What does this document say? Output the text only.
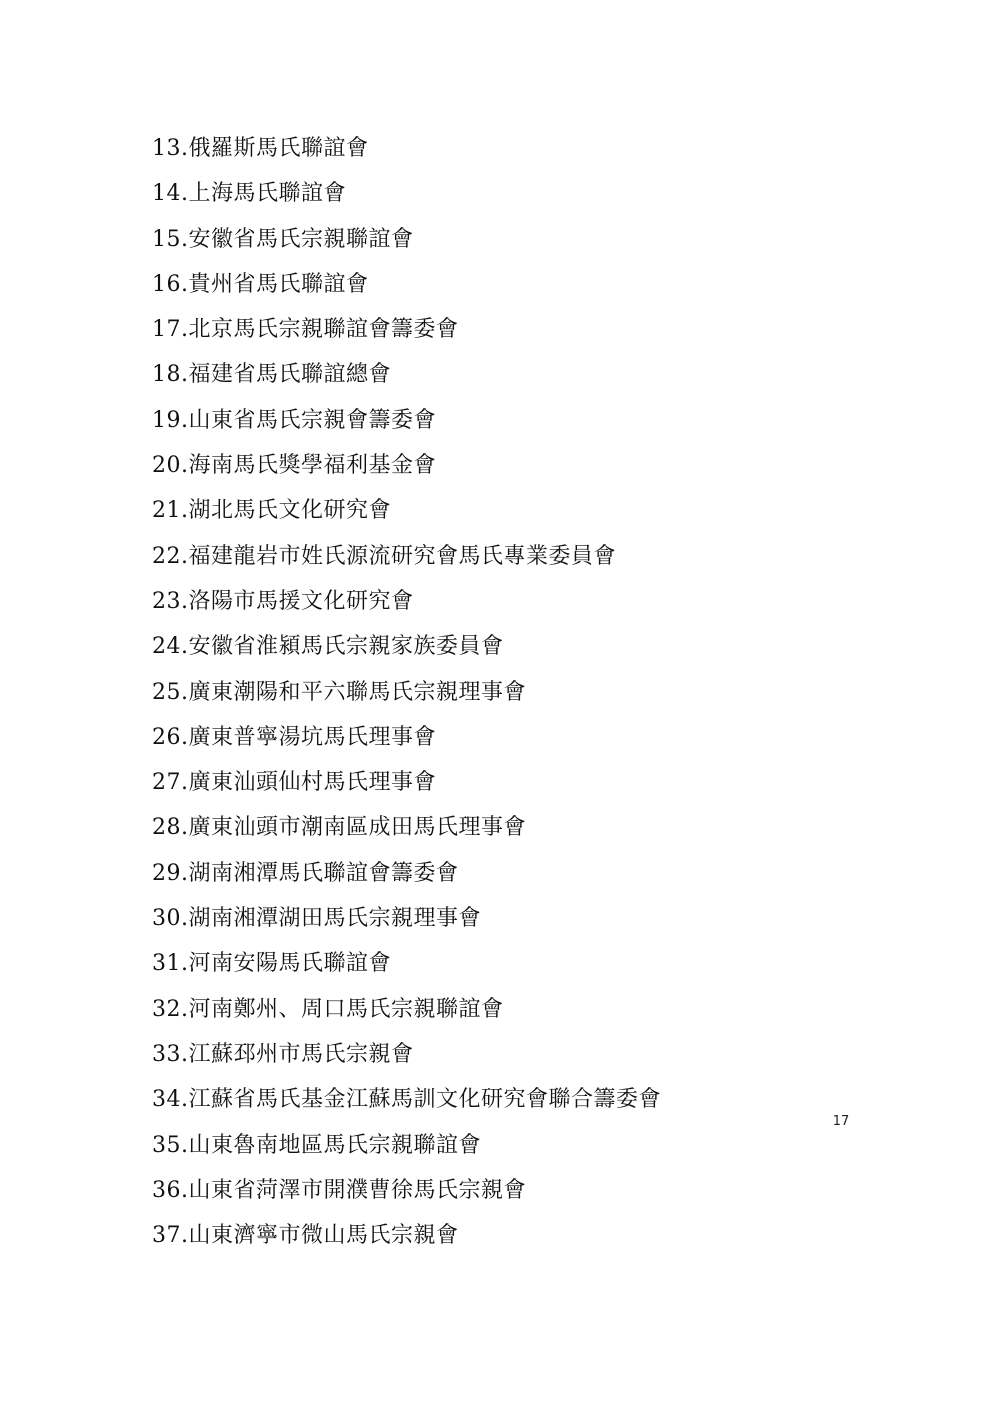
13.俄羅斯馬氏聯誼會
14.上海馬氏聯誼會
15.安徽省馬氏宗親聯誼會
16.貴州省馬氏聯誼會
17.北京馬氏宗親聯誼會籌委會
18.福建省馬氏聯誼總會
19.山東省馬氏宗親會籌委會
20.海南馬氏獎學福利基金會
21.湖北馬氏文化研究會
22.福建龍岩市姓氏源流研究會馬氏專業委員會
23.洛陽市馬援文化研究會
24.安徽省淮潁馬氏宗親家族委員會
25.廣東潮陽和平六聯馬氏宗親理事會
26.廣東普寧湯坑馬氏理事會
27.廣東汕頭仙村馬氏理事會
28.廣東汕頭市潮南區成田馬氏理事會
29.湖南湘潭馬氏聯誼會籌委會
30.湖南湘潭湖田馬氏宗親理事會
31.河南安陽馬氏聯誼會
32.河南鄭州、周口馬氏宗親聯誼會
33.江蘇邳州市馬氏宗親會
34.江蘇省馬氏基金江蘇馬訓文化研究會聯合籌委會
35.山東魯南地區馬氏宗親聯誼會
36.山東省菏澤市開濮曹徐馬氏宗親會
37.山東濟寧市微山馬氏宗親會
17
